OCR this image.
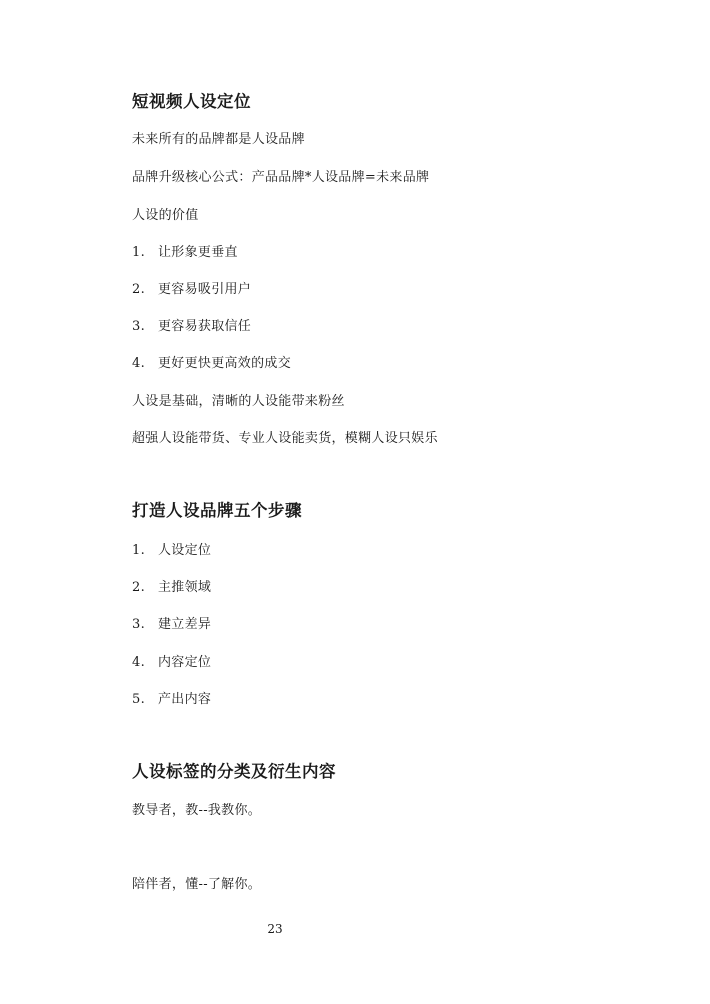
短视频人设定位
未来所有的品牌都是人设品牌
品牌升级核心公式：产品品牌*人设品牌=未来品牌
人设的价值
1. 让形象更垂直
2. 更容易吸引用户
3. 更容易获取信任
4. 更好更快更高效的成交
人设是基础，清晰的人设能带来粉丝
超强人设能带货、专业人设能卖货，模糊人设只娱乐
打造人设品牌五个步骤
1. 人设定位
2. 主推领域
3. 建立差异
4. 内容定位
5. 产出内容
人设标签的分类及衍生内容
教导者，教--我教你。
陪伴者，懂--了解你。
23
